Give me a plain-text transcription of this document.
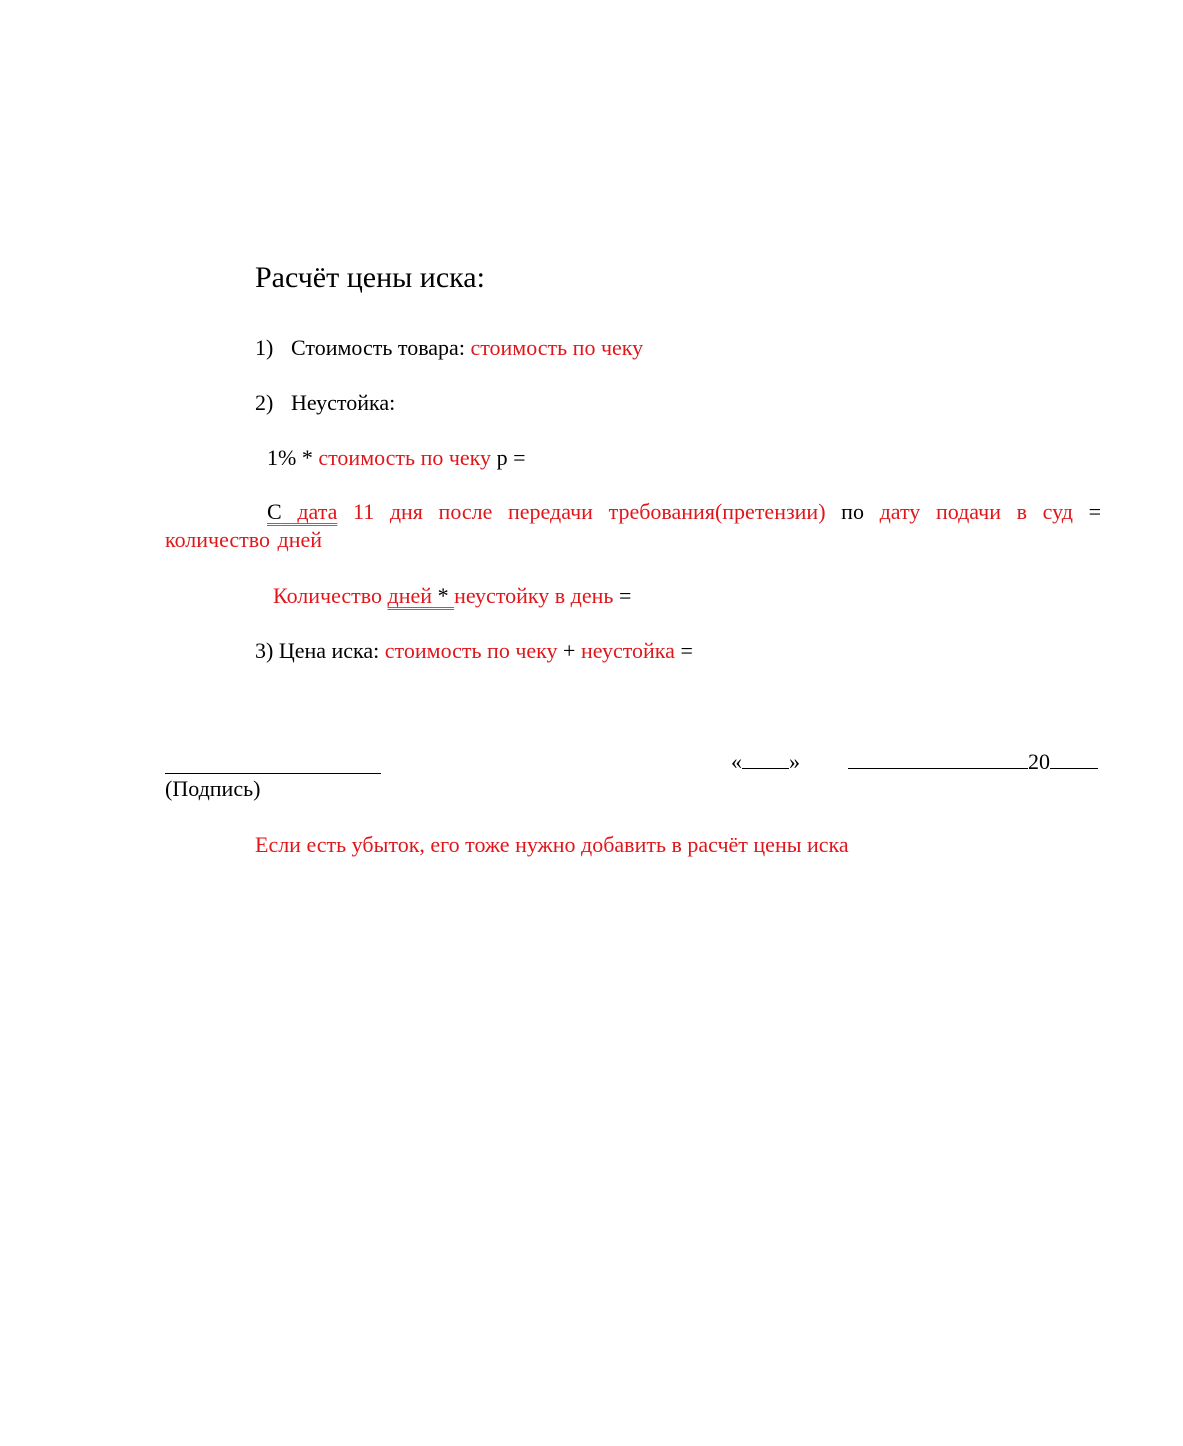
Расчёт цены иска:
1) Стоимость товара: стоимость по чеку
2) Неустойка:
1% * стоимость по чеку р =
С дата 11 дня после передачи требования(претензии) по дату подачи в суд = количество дней
Количество дней * неустойку в день =
3) Цена иска: стоимость по чеку + неустойка =
(Подпись)
« »	20
Если есть убыток, его тоже нужно добавить в расчёт цены иска
